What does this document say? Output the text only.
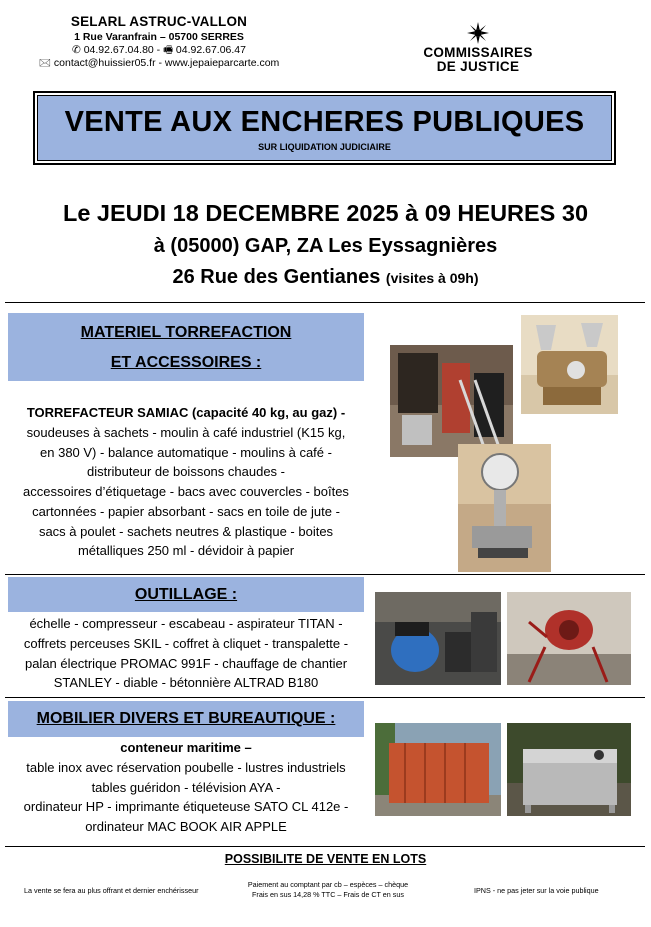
SELARL ASTRUC-VALLON
1 Rue Varanfrain – 05700 SERRES
✆ 04.92.67.04.80 - 🖷 04.92.67.06.47
🖂 contact@huissier05.fr - www.jepaieparcarte.com
COMMISSAIRES
DE JUSTICE
VENTE AUX ENCHERES PUBLIQUES
SUR LIQUIDATION JUDICIAIRE
Le JEUDI 18 DECEMBRE 2025 à 09 HEURES 30
à (05000) GAP, ZA Les Eyssagnières
26 Rue des Gentianes (visites à 09h)
MATERIEL TORREFACTION
ET ACCESSOIRES :
TORREFACTEUR SAMIAC (capacité 40 kg, au gaz) -
soudeuses à sachets - moulin à café industriel (K15 kg,
en 380 V) - balance automatique - moulins à café -
distributeur de boissons chaudes -
accessoires d’étiquetage - bacs avec couvercles - boîtes
cartonnées - papier absorbant - sacs en toile de jute -
sacs à poulet - sachets neutres & plastique - boites
métalliques 250 ml - dévidoir à papier
OUTILLAGE :
échelle - compresseur - escabeau - aspirateur TITAN -
coffrets perceuses SKIL - coffret à cliquet - transpalette -
palan électrique PROMAC 991F - chauffage de chantier
STANLEY - diable - bétonnière ALTRAD B180
MOBILIER DIVERS ET BUREAUTIQUE :
conteneur maritime –
table inox avec réservation poubelle - lustres industriels
tables guéridon - télévision AYA -
ordinateur HP - imprimante étiqueteuse SATO CL 412e -
ordinateur MAC BOOK AIR APPLE
POSSIBILITE DE VENTE EN LOTS
La vente se fera au plus offrant et dernier enchérisseur
Paiement au comptant par cb – espèces – chèque
Frais en sus 14,28 % TTC – Frais de CT en sus	IPNS - ne pas jeter sur la voie publique
